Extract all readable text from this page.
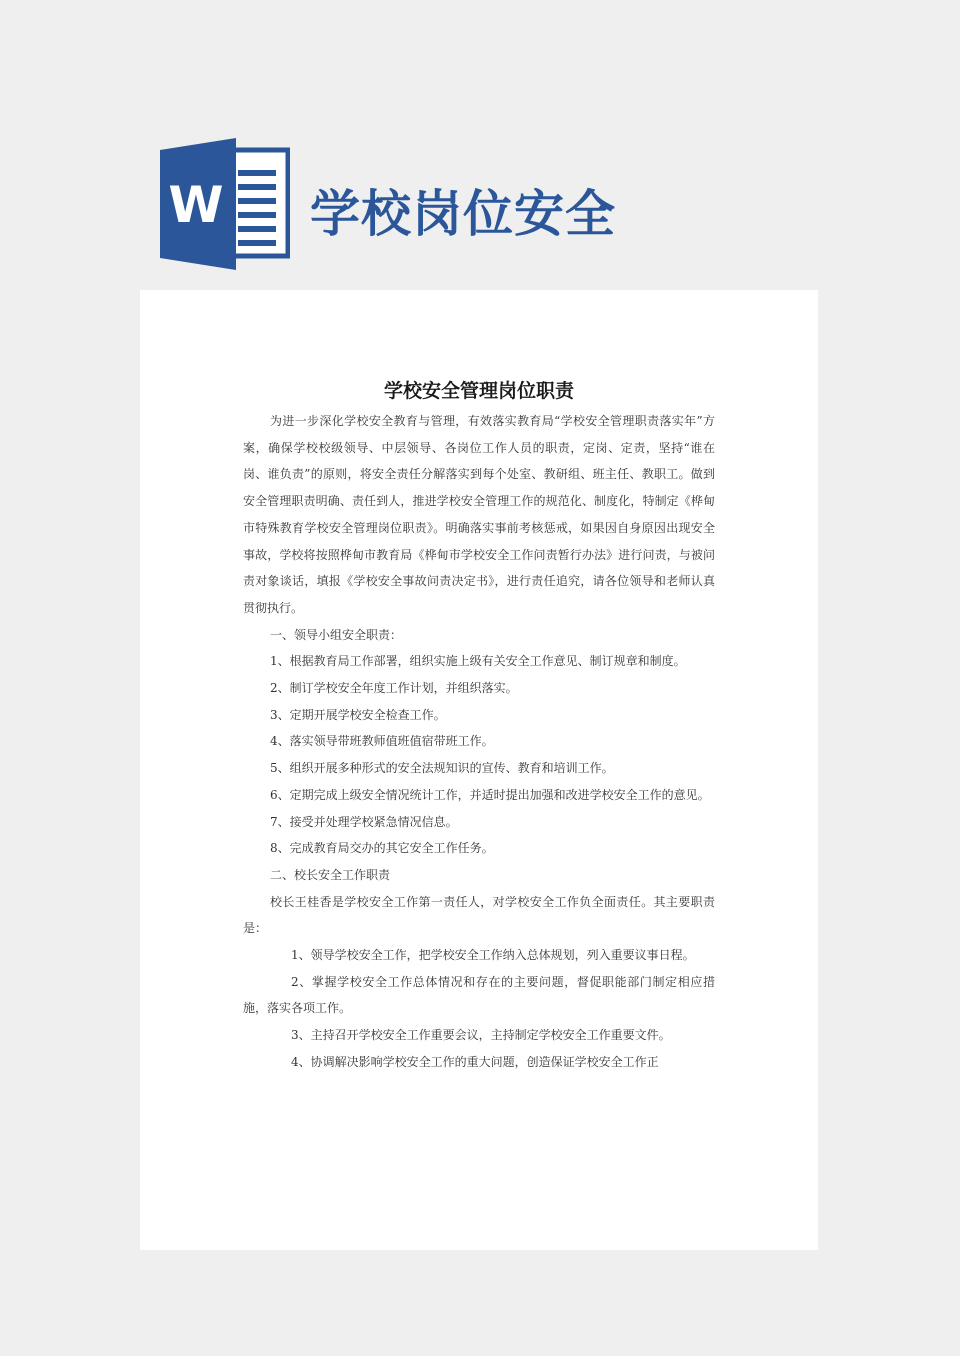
W 学校岗位安全
学校安全管理岗位职责

为进一步深化学校安全教育与管理，有效落实教育局“学校安全管理职责落实年”方案，确保学校校级领导、中层领导、各岗位工作人员的职责，定岗、定责，坚持“谁在岗、谁负责”的原则，将安全责任分解落实到每个处室、教研组、班主任、教职工。做到安全管理职责明确、责任到人，推进学校安全管理工作的规范化、制度化，特制定《桦甸市特殊教育学校安全管理岗位职责》。明确落实事前考核惩戒，如果因自身原因出现安全事故，学校将按照桦甸市教育局《桦甸市学校安全工作问责暂行办法》进行问责，与被问责对象谈话，填报《学校安全事故问责决定书》，进行责任追究，请各位领导和老师认真贯彻执行。

一、领导小组安全职责：

1、根据教育局工作部署，组织实施上级有关安全工作意见、制订规章和制度。

2、制订学校安全年度工作计划，并组织落实。

3、定期开展学校安全检查工作。

4、落实领导带班教师值班值宿带班工作。

5、组织开展多种形式的安全法规知识的宣传、教育和培训工作。

6、定期完成上级安全情况统计工作，并适时提出加强和改进学校安全工作的意见。

7、接受并处理学校紧急情况信息。

8、完成教育局交办的其它安全工作任务。

二、校长安全工作职责

校长王桂香是学校安全工作第一责任人，对学校安全工作负全面责任。其主要职责是：

1、领导学校安全工作，把学校安全工作纳入总体规划，列入重要议事日程。

2、掌握学校安全工作总体情况和存在的主要问题，督促职能部门制定相应措施，落实各项工作。

3、主持召开学校安全工作重要会议，主持制定学校安全工作重要文件。

4、协调解决影响学校安全工作的重大问题，创造保证学校安全工作正
